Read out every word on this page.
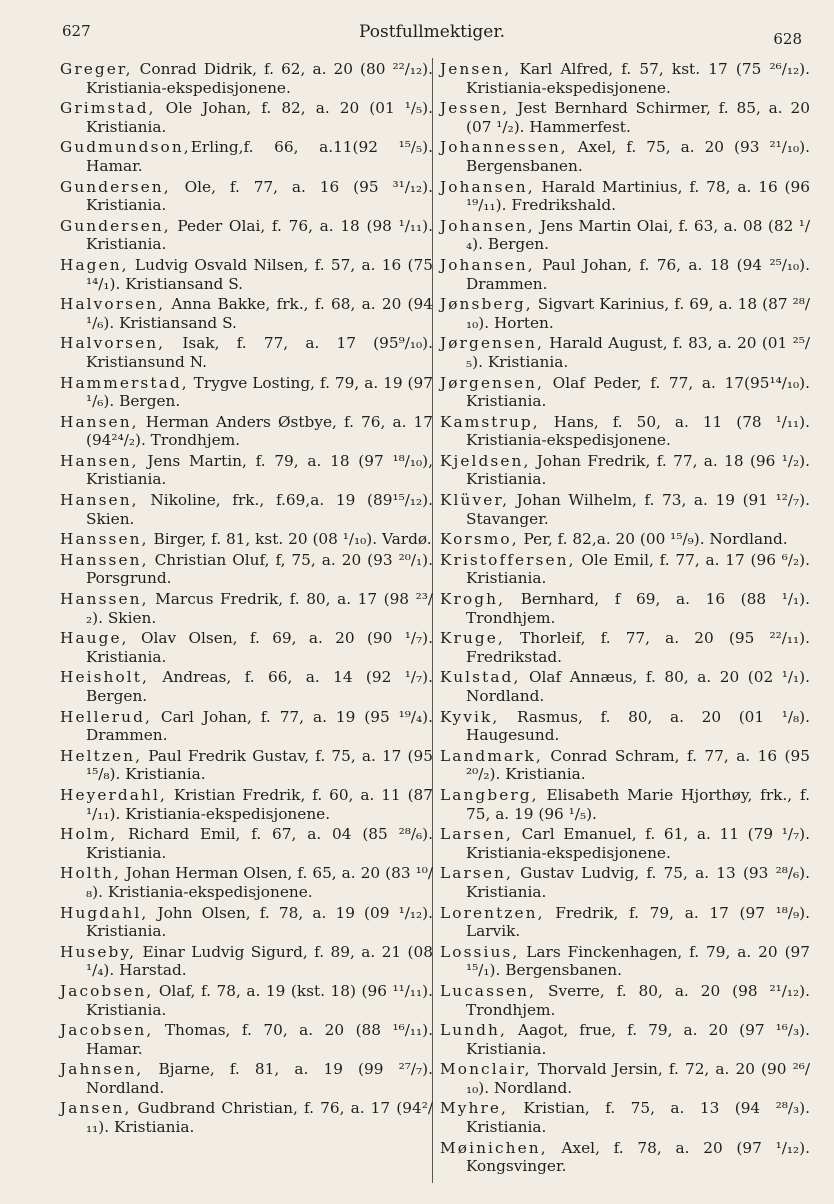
627	Postfullmektiger.	628

Greger, Conrad Didrik, f. 62, a. 20 (80 ²²/₁₂). Kristiania-ekspedisjonene.

Grimstad, Ole Johan, f. 82, a. 20 (01 ¹/₅). Kristiania.

Gudmundson,Erling,f. 66, a.11(92 ¹⁵/₅). Hamar.

Gundersen, Ole, f. 77, a. 16 (95 ³¹/₁₂). Kristiania.

Gundersen, Peder Olai, f. 76, a. 18 (98 ¹/₁₁). Kristiania.

Hagen, Ludvig Osvald Nilsen, f. 57, a. 16 (75 ¹⁴/₁). Kristiansand S.

Halvorsen, Anna Bakke, frk., f. 68, a. 20 (94 ¹/₆). Kristiansand S.

Halvorsen, Isak, f. 77, a. 17 (95⁹/₁₀). Kristiansund N.

Hammerstad, Trygve Losting, f. 79, a. 19 (97 ¹/₆). Bergen.

Hansen, Herman Anders Østbye, f. 76, a. 17 (94²⁴/₂). Trondhjem.

Hansen, Jens Martin, f. 79, a. 18 (97 ¹⁸/₁₀), Kristiania.

Hansen, Nikoline, frk., f.69,a. 19 (89¹⁵/₁₂). Skien.

Hanssen, Birger, f. 81, kst. 20 (08 ¹/₁₀). Vardø.

Hanssen, Christian Oluf, f, 75, a. 20 (93 ²⁰/₁). Porsgrund.

Hanssen, Marcus Fredrik, f. 80, a. 17 (98 ²³/₂). Skien.

Hauge, Olav Olsen, f. 69, a. 20 (90 ¹/₇). Kristiania.

Heisholt, Andreas, f. 66, a. 14 (92 ¹/₇). Bergen.

Hellerud, Carl Johan, f. 77, a. 19 (95 ¹⁹/₄). Drammen.

Heltzen, Paul Fredrik Gustav, f. 75, a. 17 (95 ¹⁵/₈). Kristiania.

Heyerdahl, Kristian Fredrik, f. 60, a. 11 (87 ¹/₁₁). Kristiania-ekspedisjonene.

Holm, Richard Emil, f. 67, a. 04 (85 ²⁸/₆). Kristiania.

Holth, Johan Herman Olsen, f. 65, a. 20 (83 ¹⁰/₈). Kristiania-ekspedisjonene.

Hugdahl, John Olsen, f. 78, a. 19 (09 ¹/₁₂). Kristiania.

Huseby, Einar Ludvig Sigurd, f. 89, a. 21 (08 ¹/₄). Harstad.

Jacobsen, Olaf, f. 78, a. 19 (kst. 18) (96 ¹¹/₁₁). Kristiania.

Jacobsen, Thomas, f. 70, a. 20 (88 ¹⁶/₁₁). Hamar.

Jahnsen, Bjarne, f. 81, a. 19 (99 ²⁷/₇). Nordland.

Jansen, Gudbrand Christian, f. 76, a. 17 (94²/₁₁). Kristiania.

Jensen, Karl Alfred, f. 57, kst. 17 (75 ²⁶/₁₂). Kristiania-ekspedisjonene.

Jessen, Jest Bernhard Schirmer, f. 85, a. 20 (07 ¹/₂). Hammerfest.

Johannessen, Axel, f. 75, a. 20 (93 ²¹/₁₀). Bergensbanen.

Johansen, Harald Martinius, f. 78, a. 16 (96 ¹⁹/₁₁). Fredrikshald.

Johansen, Jens Martin Olai, f. 63, a. 08 (82 ¹/₄). Bergen.

Johansen, Paul Johan, f. 76, a. 18 (94 ²⁵/₁₀). Drammen.

Jønsberg, Sigvart Karinius, f. 69, a. 18 (87 ²⁸/₁₀). Horten.

Jørgensen, Harald August, f. 83, a. 20 (01 ²⁵/₅). Kristiania.

Jørgensen, Olaf Peder, f. 77, a. 17(95¹⁴/₁₀). Kristiania.

Kamstrup, Hans, f. 50, a. 11 (78 ¹/₁₁). Kristiania-ekspedisjonene.

Kjeldsen, Johan Fredrik, f. 77, a. 18 (96 ¹/₂). Kristiania.

Klüver, Johan Wilhelm, f. 73, a. 19 (91 ¹²/₇). Stavanger.

Korsmo, Per, f. 82,a. 20 (00 ¹⁵/₉). Nordland.

Kristoffersen, Ole Emil, f. 77, a. 17 (96 ⁶/₂). Kristiania.

Krogh, Bernhard, f 69, a. 16 (88 ¹/₁). Trondhjem.

Kruge, Thorleif, f. 77, a. 20 (95 ²²/₁₁). Fredrikstad.

Kulstad, Olaf Annæus, f. 80, a. 20 (02 ¹/₁). Nordland.

Kyvik, Rasmus, f. 80, a. 20 (01 ¹/₈). Haugesund.

Landmark, Conrad Schram, f. 77, a. 16 (95 ²⁰/₂). Kristiania.

Langberg, Elisabeth Marie Hjorthøy, frk., f. 75, a. 19 (96 ¹/₅).

Larsen, Carl Emanuel, f. 61, a. 11 (79 ¹/₇). Kristiania-ekspedisjonene.

Larsen, Gustav Ludvig, f. 75, a. 13 (93 ²⁸/₆). Kristiania.

Lorentzen, Fredrik, f. 79, a. 17 (97 ¹⁸/₉). Larvik.

Lossius, Lars Finckenhagen, f. 79, a. 20 (97 ¹⁵/₁). Bergensbanen.

Lucassen, Sverre, f. 80, a. 20 (98 ²¹/₁₂). Trondhjem.

Lundh, Aagot, frue, f. 79, a. 20 (97 ¹⁶/₃). Kristiania.

Monclair, Thorvald Jersin, f. 72, a. 20 (90 ²⁶/₁₀). Nordland.

Myhre, Kristian, f. 75, a. 13 (94 ²⁸/₃). Kristiania.

Møinichen, Axel, f. 78, a. 20 (97 ¹/₁₂). Kongsvinger.
